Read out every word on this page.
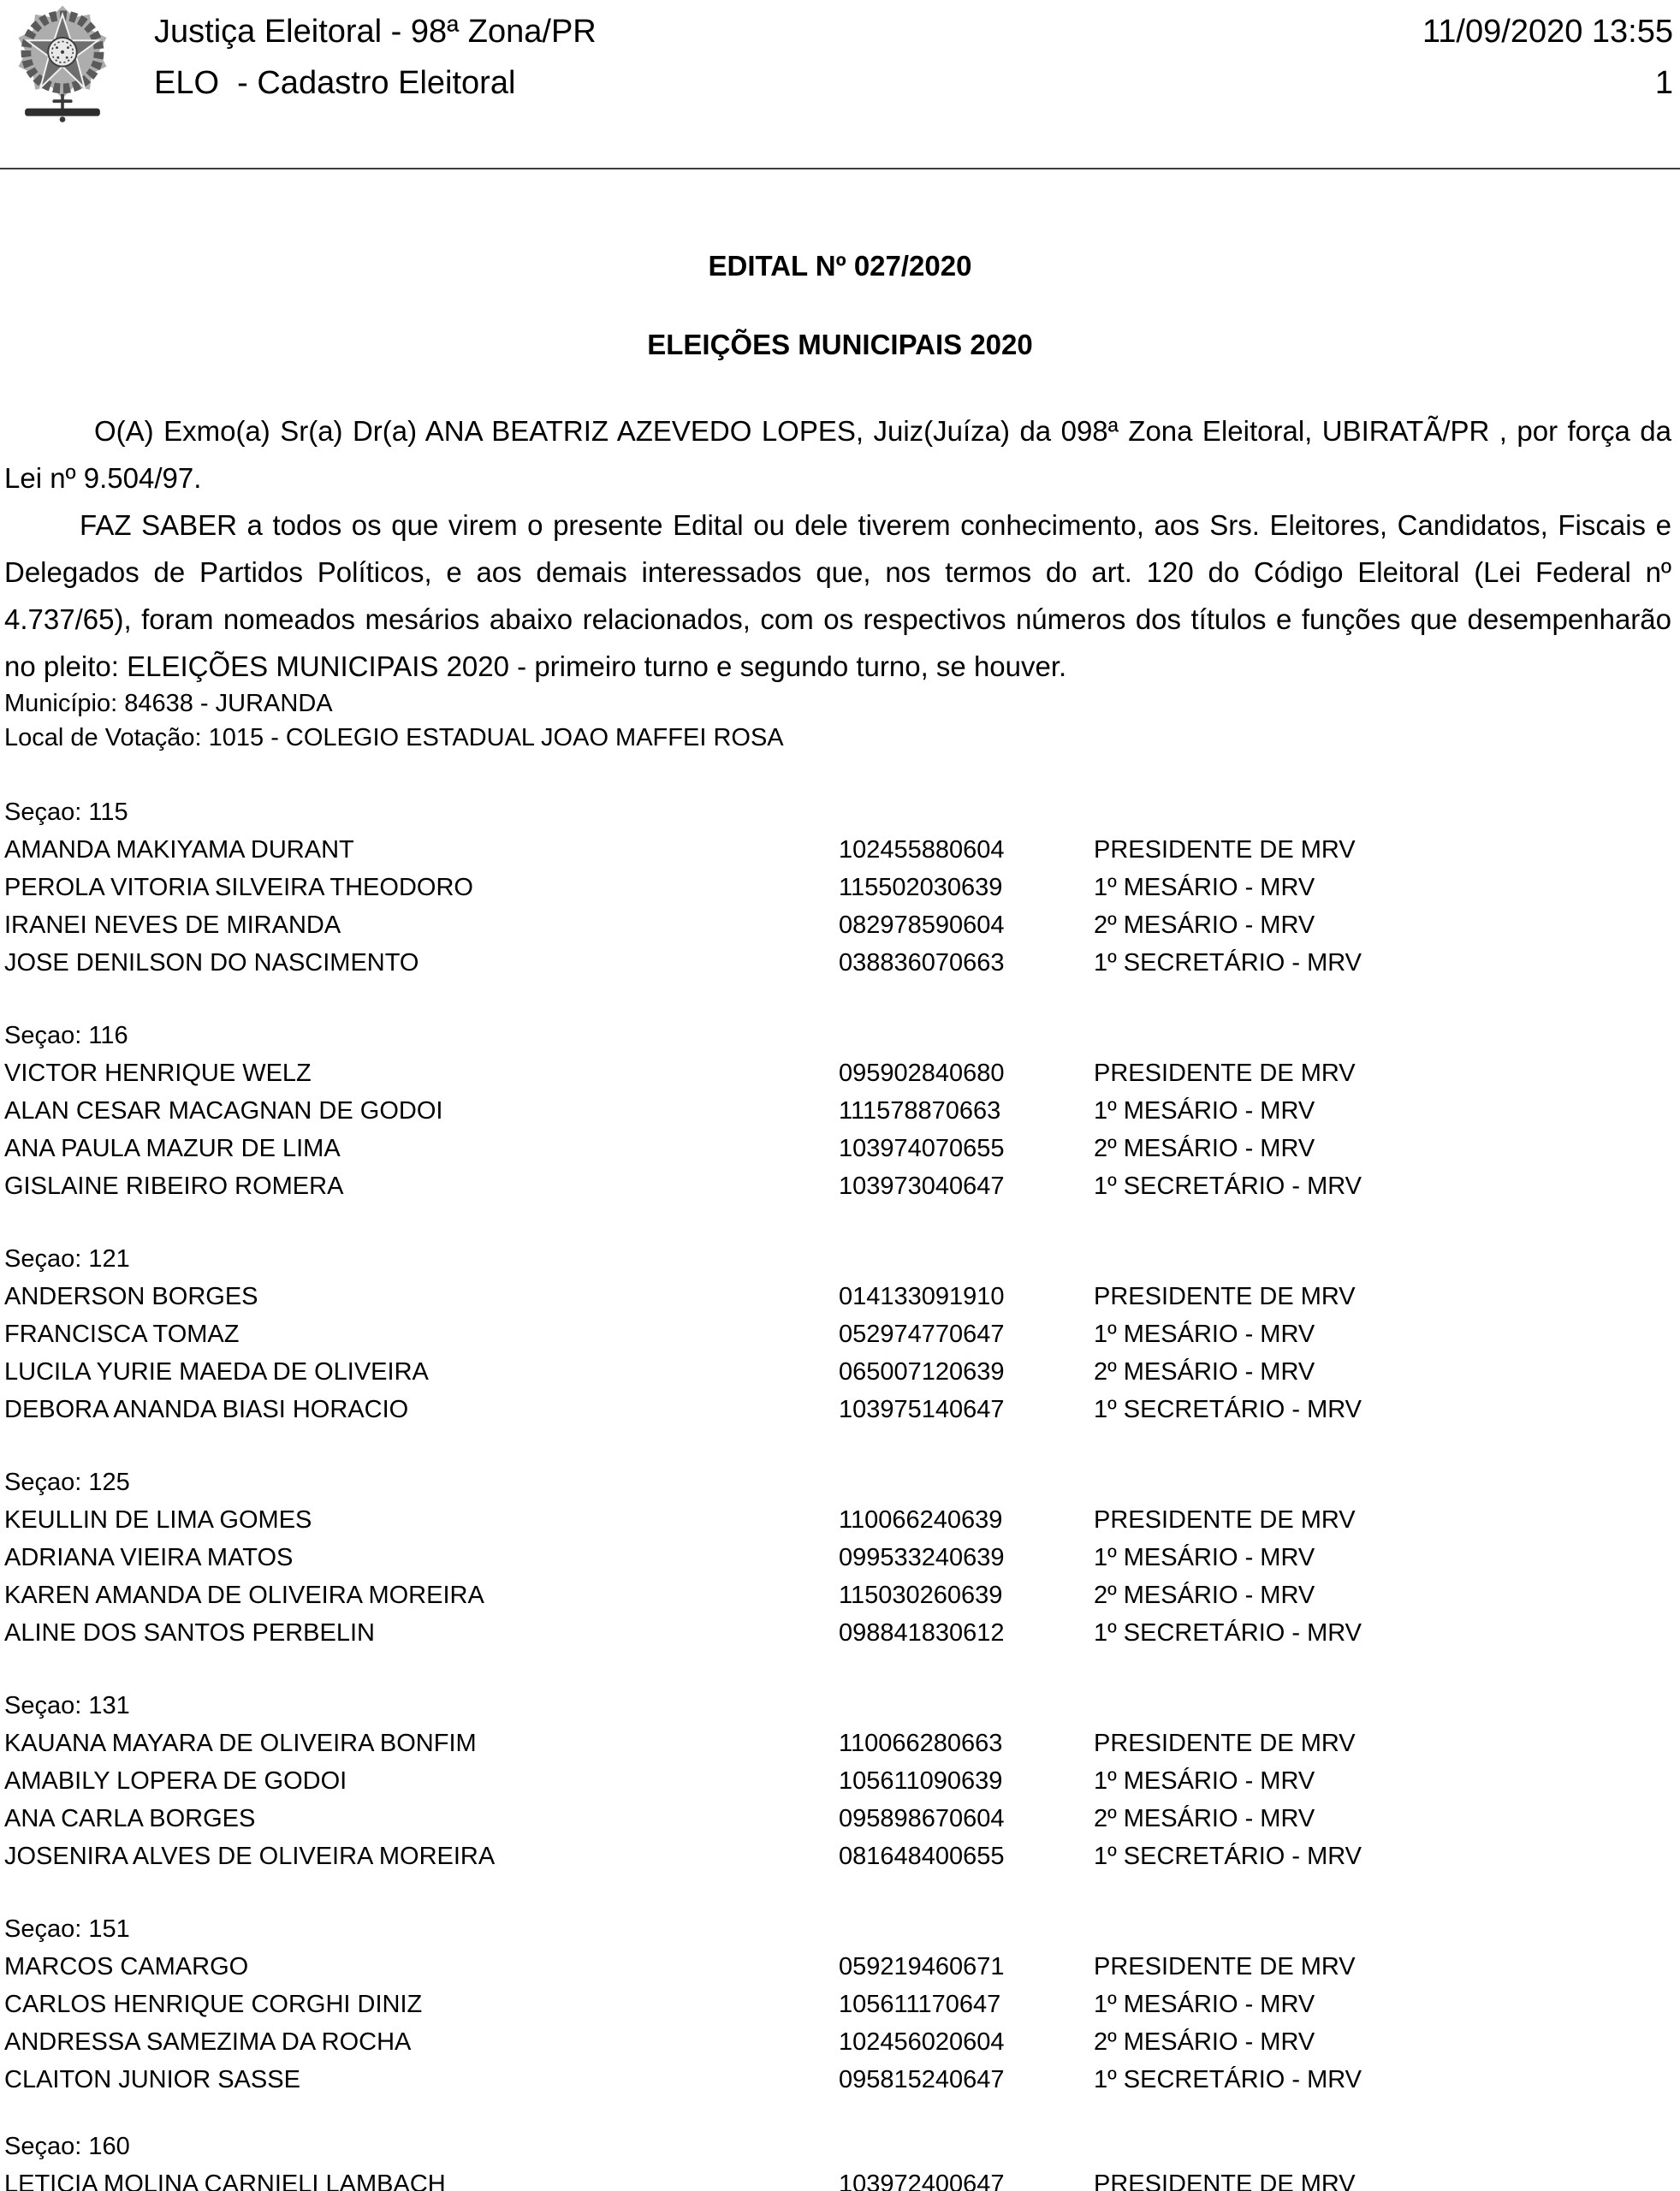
Justiça Eleitoral - 98ª Zona/PR
ELO  - Cadastro Eleitoral
11/09/2020 13:55
1
EDITAL Nº 027/2020
ELEIÇÕES MUNICIPAIS 2020

O(A) Exmo(a) Sr(a) Dr(a) ANA BEATRIZ AZEVEDO LOPES, Juiz(Juíza) da 098ª Zona Eleitoral, UBIRATÃ/PR , por força da Lei nº 9.504/97.

FAZ SABER a todos os que virem o presente Edital ou dele tiverem conhecimento, aos Srs. Eleitores, Candidatos, Fiscais e Delegados de Partidos Políticos, e aos demais interessados que, nos termos do art. 120 do Código Eleitoral (Lei Federal nº 4.737/65), foram nomeados mesários abaixo relacionados, com os respectivos números dos títulos e funções que desempenharão no pleito: ELEIÇÕES MUNICIPAIS 2020 - primeiro turno e segundo turno, se houver.

Município: 84638 - JURANDA
Local de Votação: 1015 - COLEGIO ESTADUAL JOAO MAFFEI ROSA
Seçao: 115
AMANDA MAKIYAMA DURANT	102455880604	PRESIDENTE DE MRV
PEROLA VITORIA SILVEIRA THEODORO	115502030639	1º MESÁRIO - MRV
IRANEI NEVES DE MIRANDA	082978590604	2º MESÁRIO - MRV
JOSE DENILSON DO NASCIMENTO	038836070663	1º SECRETÁRIO - MRV
Seçao: 116
VICTOR HENRIQUE WELZ	095902840680	PRESIDENTE DE MRV
ALAN CESAR MACAGNAN DE GODOI	111578870663	1º MESÁRIO - MRV
ANA PAULA MAZUR DE LIMA	103974070655	2º MESÁRIO - MRV
GISLAINE RIBEIRO ROMERA	103973040647	1º SECRETÁRIO - MRV
Seçao: 121
ANDERSON BORGES	014133091910	PRESIDENTE DE MRV
FRANCISCA TOMAZ	052974770647	1º MESÁRIO - MRV
LUCILA YURIE MAEDA DE OLIVEIRA	065007120639	2º MESÁRIO - MRV
DEBORA ANANDA BIASI HORACIO	103975140647	1º SECRETÁRIO - MRV
Seçao: 125
KEULLIN DE LIMA GOMES	110066240639	PRESIDENTE DE MRV
ADRIANA VIEIRA MATOS	099533240639	1º MESÁRIO - MRV
KAREN AMANDA DE OLIVEIRA MOREIRA	115030260639	2º MESÁRIO - MRV
ALINE DOS SANTOS PERBELIN	098841830612	1º SECRETÁRIO - MRV
Seçao: 131
KAUANA MAYARA DE OLIVEIRA BONFIM	110066280663	PRESIDENTE DE MRV
AMABILY LOPERA DE GODOI	105611090639	1º MESÁRIO - MRV
ANA CARLA BORGES	095898670604	2º MESÁRIO - MRV
JOSENIRA ALVES DE OLIVEIRA MOREIRA	081648400655	1º SECRETÁRIO - MRV
Seçao: 151
MARCOS CAMARGO	059219460671	PRESIDENTE DE MRV
CARLOS HENRIQUE CORGHI DINIZ	105611170647	1º MESÁRIO - MRV
ANDRESSA SAMEZIMA DA ROCHA	102456020604	2º MESÁRIO - MRV
CLAITON JUNIOR SASSE	095815240647	1º SECRETÁRIO - MRV
Seçao: 160
LETICIA MOLINA CARNIELI LAMBACH	103972400647	PRESIDENTE DE MRV
